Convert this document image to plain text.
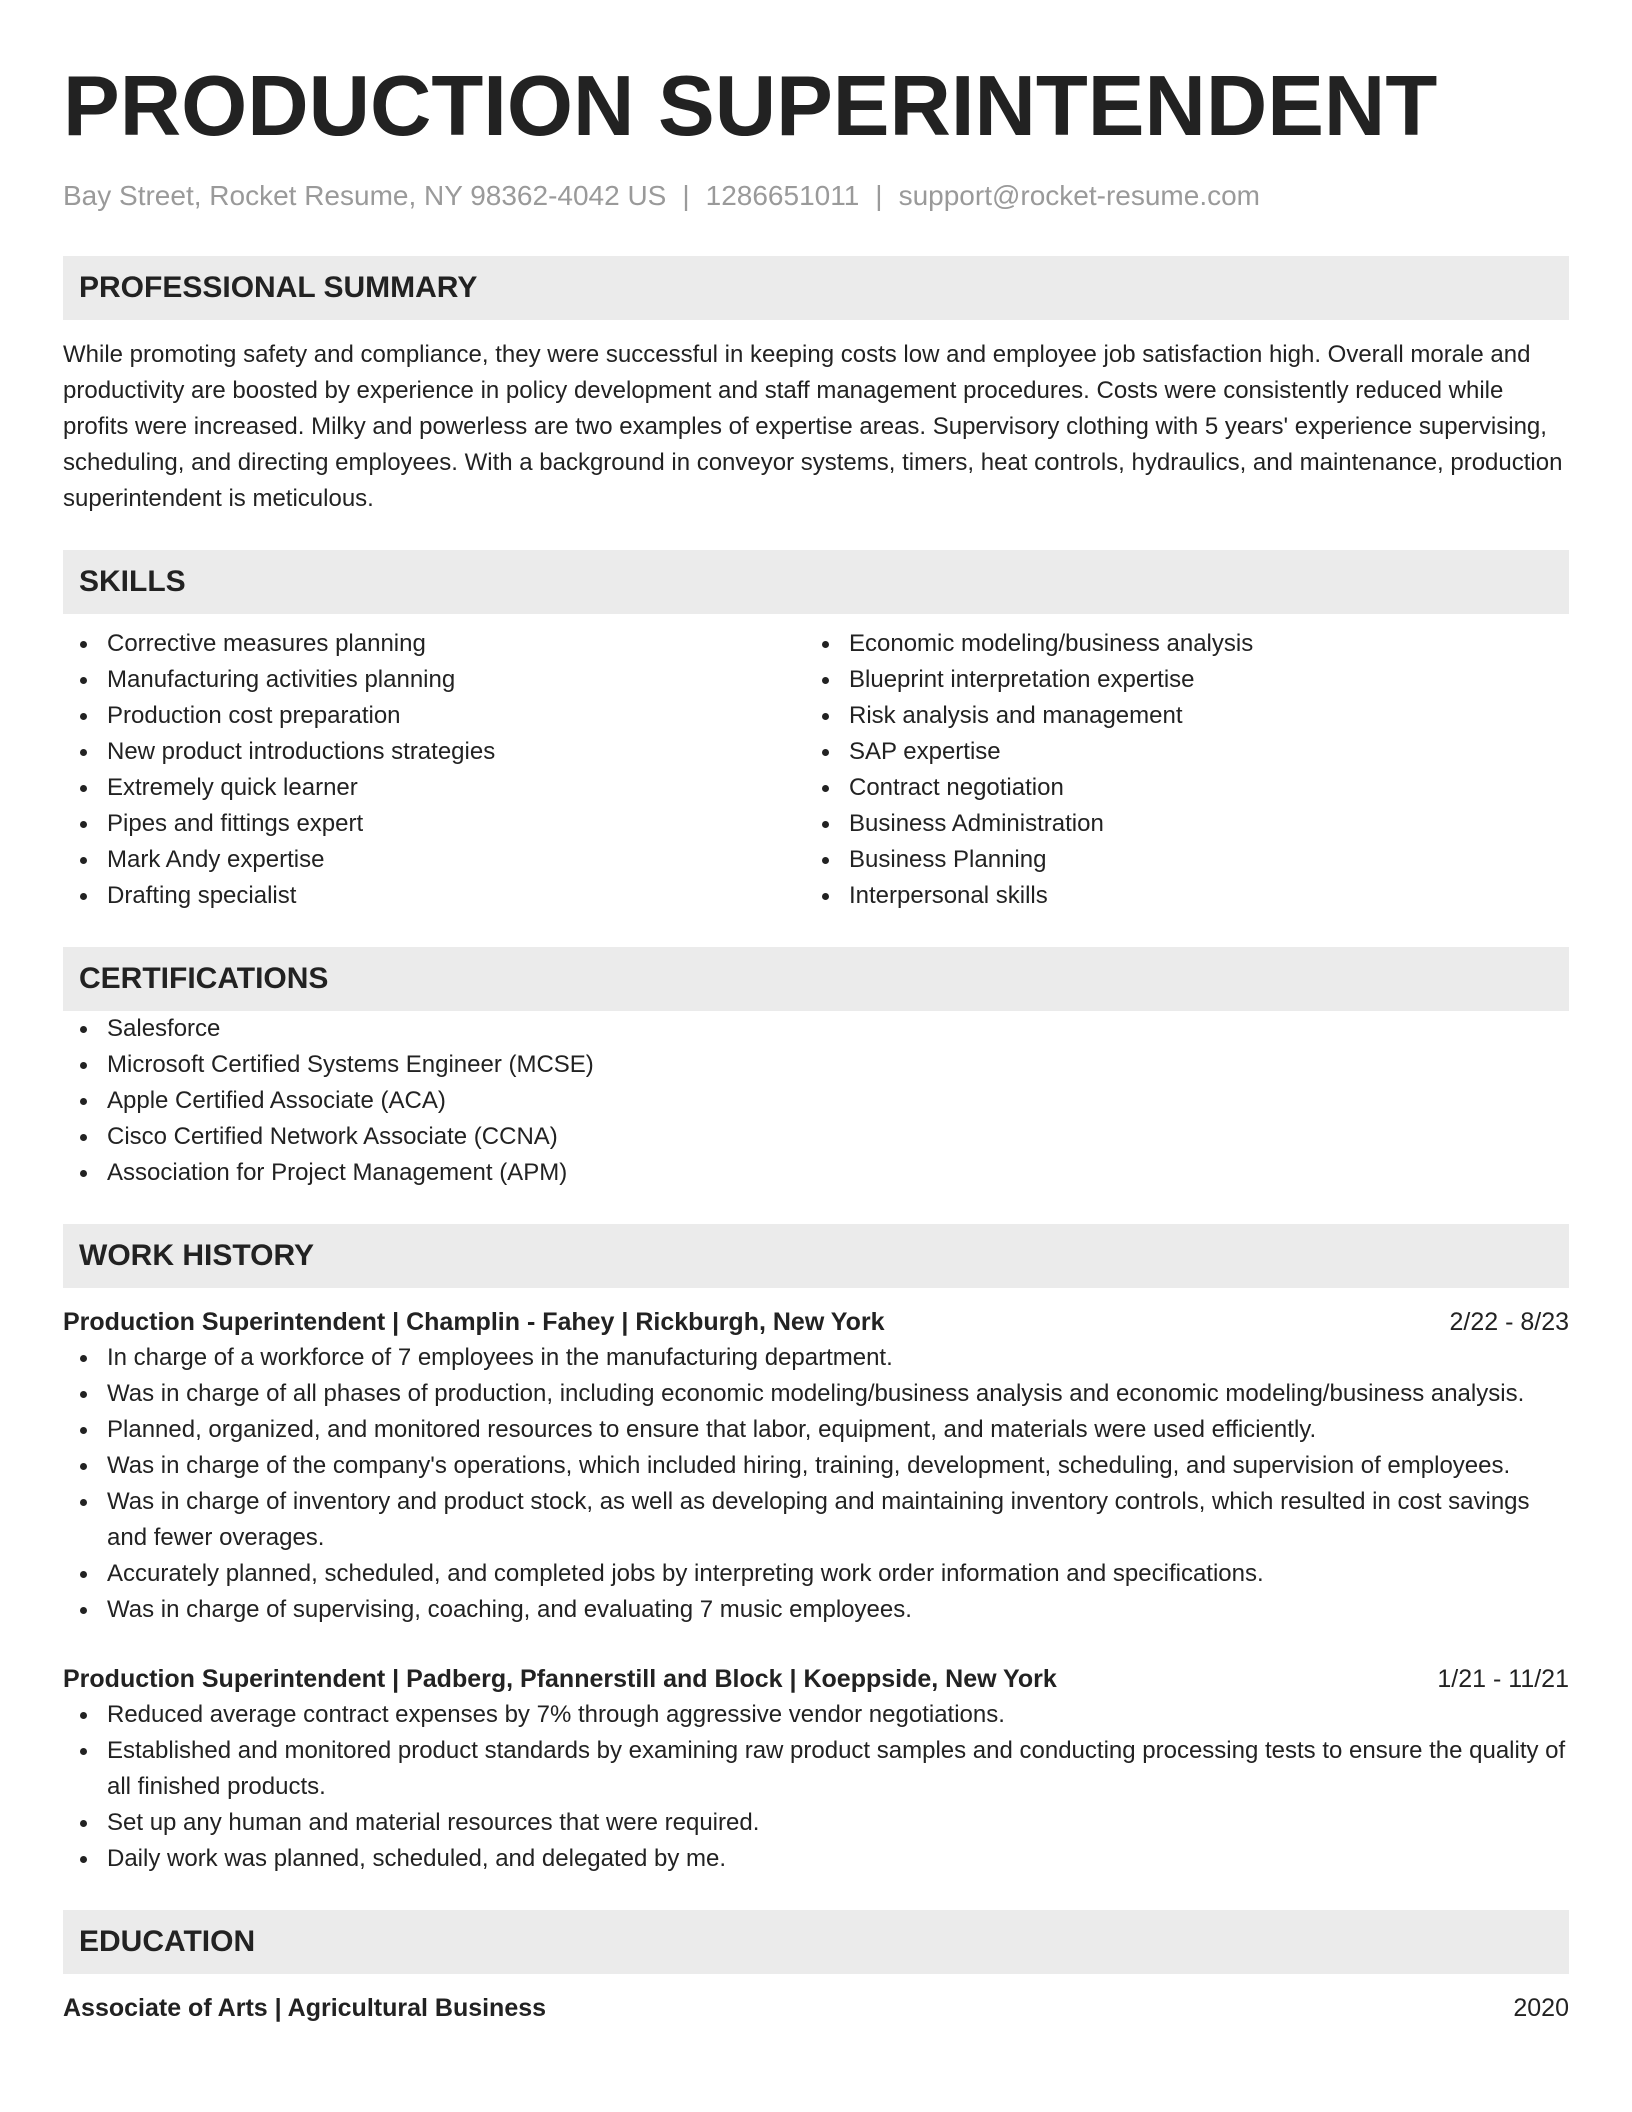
PRODUCTION SUPERINTENDENT
Bay Street, Rocket Resume, NY 98362-4042 US | 1286651011 | support@rocket-resume.com
PROFESSIONAL SUMMARY

While promoting safety and compliance, they were successful in keeping costs low and employee job satisfaction high. Overall morale and productivity are boosted by experience in policy development and staff management procedures. Costs were consistently reduced while profits were increased. Milky and powerless are two examples of expertise areas. Supervisory clothing with 5 years' experience supervising, scheduling, and directing employees. With a background in conveyor systems, timers, heat controls, hydraulics, and maintenance, production superintendent is meticulous.

SKILLS
Corrective measures planning
Manufacturing activities planning
Production cost preparation
New product introductions strategies
Extremely quick learner
Pipes and fittings expert
Mark Andy expertise
Drafting specialist
Economic modeling/business analysis
Blueprint interpretation expertise
Risk analysis and management
SAP expertise
Contract negotiation
Business Administration
Business Planning
Interpersonal skills
CERTIFICATIONS
Salesforce
Microsoft Certified Systems Engineer (MCSE)
Apple Certified Associate (ACA)
Cisco Certified Network Associate (CCNA)
Association for Project Management (APM)
WORK HISTORY
Production Superintendent | Champlin - Fahey | Rickburgh, New York	2/22 - 8/23
In charge of a workforce of 7 employees in the manufacturing department.
Was in charge of all phases of production, including economic modeling/business analysis and economic modeling/business analysis.
Planned, organized, and monitored resources to ensure that labor, equipment, and materials were used efficiently.
Was in charge of the company's operations, which included hiring, training, development, scheduling, and supervision of employees.
Was in charge of inventory and product stock, as well as developing and maintaining inventory controls, which resulted in cost savings and fewer overages.
Accurately planned, scheduled, and completed jobs by interpreting work order information and specifications.
Was in charge of supervising, coaching, and evaluating 7 music employees.
Production Superintendent | Padberg, Pfannerstill and Block | Koeppside, New York	1/21 - 11/21
Reduced average contract expenses by 7% through aggressive vendor negotiations.
Established and monitored product standards by examining raw product samples and conducting processing tests to ensure the quality of all finished products.
Set up any human and material resources that were required.
Daily work was planned, scheduled, and delegated by me.
EDUCATION
Associate of Arts | Agricultural Business	2020
